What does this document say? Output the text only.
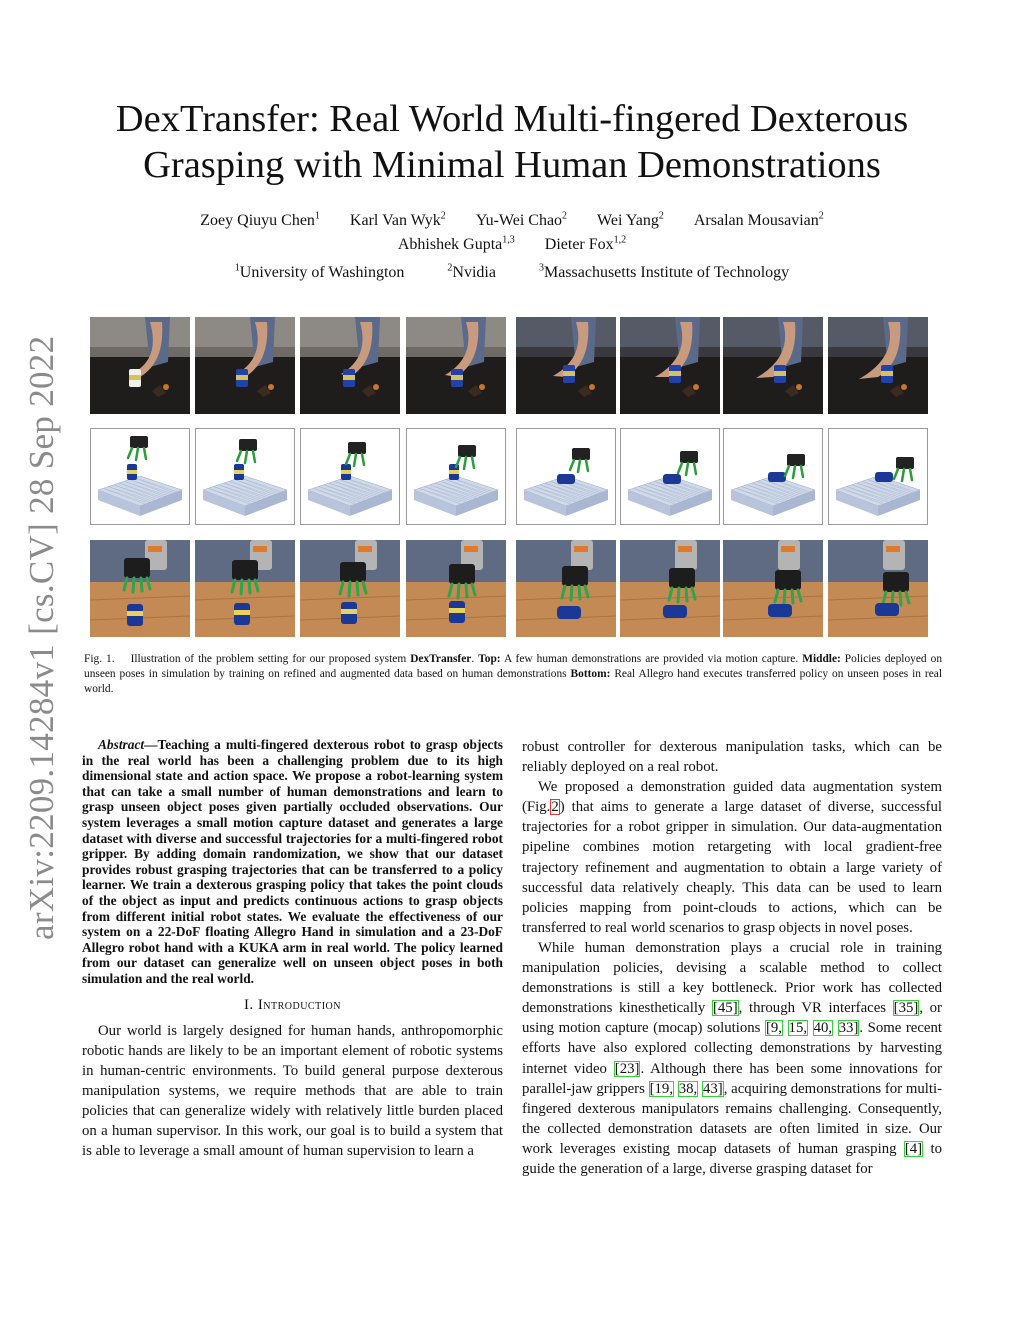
arXiv:2209.14284v1 [cs.CV] 28 Sep 2022
DexTransfer: Real World Multi-fingered Dexterous
Grasping with Minimal Human Demonstrations
Zoey Qiuyu Chen$^1$ Karl Van Wyk$^2$ Yu-Wei Chao$^2$ Wei Yang$^2$ Arsalan Mousavian$^2$
Abhishek Gupta$^{1,3}$ Dieter Fox$^{1,2}$
$^1$University of Washington	$^2$Nvidia	$^3$Massachusetts Institute of Technology
Fig. 1. Illustration of the problem setting for our proposed system DexTransfer. Top: A few human demonstrations are provided via motion capture. Middle: Policies deployed on unseen poses in simulation by training on refined and augmented data based on human demonstrations Bottom: Real Allegro hand executes transferred policy on unseen poses in real world.

Abstract—Teaching a multi-fingered dexterous robot to grasp objects in the real world has been a challenging problem due to its high dimensional state and action space. We propose a robot-learning system that can take a small number of human demonstrations and learn to grasp unseen object poses given partially occluded observations. Our system leverages a small motion capture dataset and generates a large dataset with diverse and successful trajectories for a multi-fingered robot gripper. By adding domain randomization, we show that our dataset provides robust grasping trajectories that can be transferred to a policy learner. We train a dexterous grasping policy that takes the point clouds of the object as input and predicts continuous actions to grasp objects from different initial robot states. We evaluate the effectiveness of our system on a 22-DoF floating Allegro Hand in simulation and a 23-DoF Allegro robot hand with a KUKA arm in real world. The policy learned from our dataset can generalize well on unseen object poses in both simulation and the real world.

I. Introduction

Our world is largely designed for human hands, anthropomorphic robotic hands are likely to be an important element of robotic systems in human-centric environments. To build general purpose dexterous manipulation systems, we require methods that are able to train policies that can generalize widely with relatively little burden placed on a human supervisor. In this work, our goal is to build a system that is able to leverage a small amount of human supervision to learn a

robust controller for dexterous manipulation tasks, which can be reliably deployed on a real robot.

We proposed a demonstration guided data augmentation system (Fig.2) that aims to generate a large dataset of diverse, successful trajectories for a robot gripper in simulation. Our data-augmentation pipeline combines motion retargeting with local gradient-free trajectory refinement and augmentation to obtain a large variety of successful data relatively cheaply. This data can be used to learn policies mapping from point-clouds to actions, which can be transferred to real world scenarios to grasp objects in novel poses.

While human demonstration plays a crucial role in training manipulation policies, devising a scalable method to collect demonstrations is still a key bottleneck. Prior work has collected demonstrations kinesthetically [45], through VR interfaces [35], or using motion capture (mocap) solutions [9, 15, 40, 33]. Some recent efforts have also explored collecting demonstrations by harvesting internet video [23]. Although there has been some innovations for parallel-jaw grippers [19, 38, 43], acquiring demonstrations for multi-fingered dexterous manipulators remains challenging. Consequently, the collected demonstration datasets are often limited in size. Our work leverages existing mocap datasets of human grasping [4] to guide the generation of a large, diverse grasping dataset for
